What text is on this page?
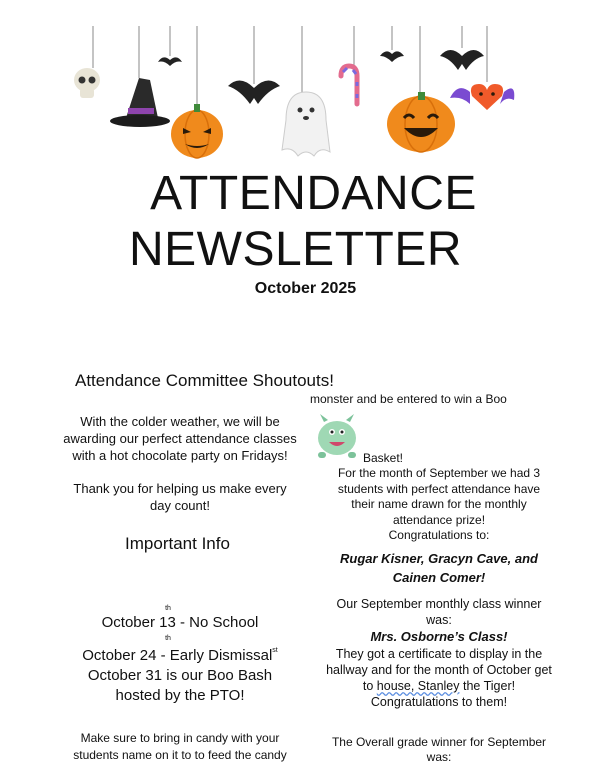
ATTENDANCE
NEWSLETTER
October 2025
Attendance Committee Shoutouts!
With the colder weather, we will be
awarding our perfect attendance classes
with a hot chocolate party on Fridays!
Thank you for helping us make every
day count!
Important Info
th
October 13 - No School
th
October 24 - Early Dismissal$^{st}$
October 31 is our Boo Bash
hosted by the PTO!
Make sure to bring in candy with your
students name on it to to feed the candy
monster and be entered to win a Boo
Basket!
For the month of September we had 3
students with perfect attendance have
their name drawn for the monthly
attendance prize!
Congratulations to:
Rugar Kisner, Gracyn Cave, and
Cainen Comer!
Our September monthly class winner
was:
Mrs. Osborne’s Class!
They got a certificate to display in the
hallway and for the month of October get
to house, Stanley the Tiger!
Congratulations to them!
The Overall grade winner for September
was:
